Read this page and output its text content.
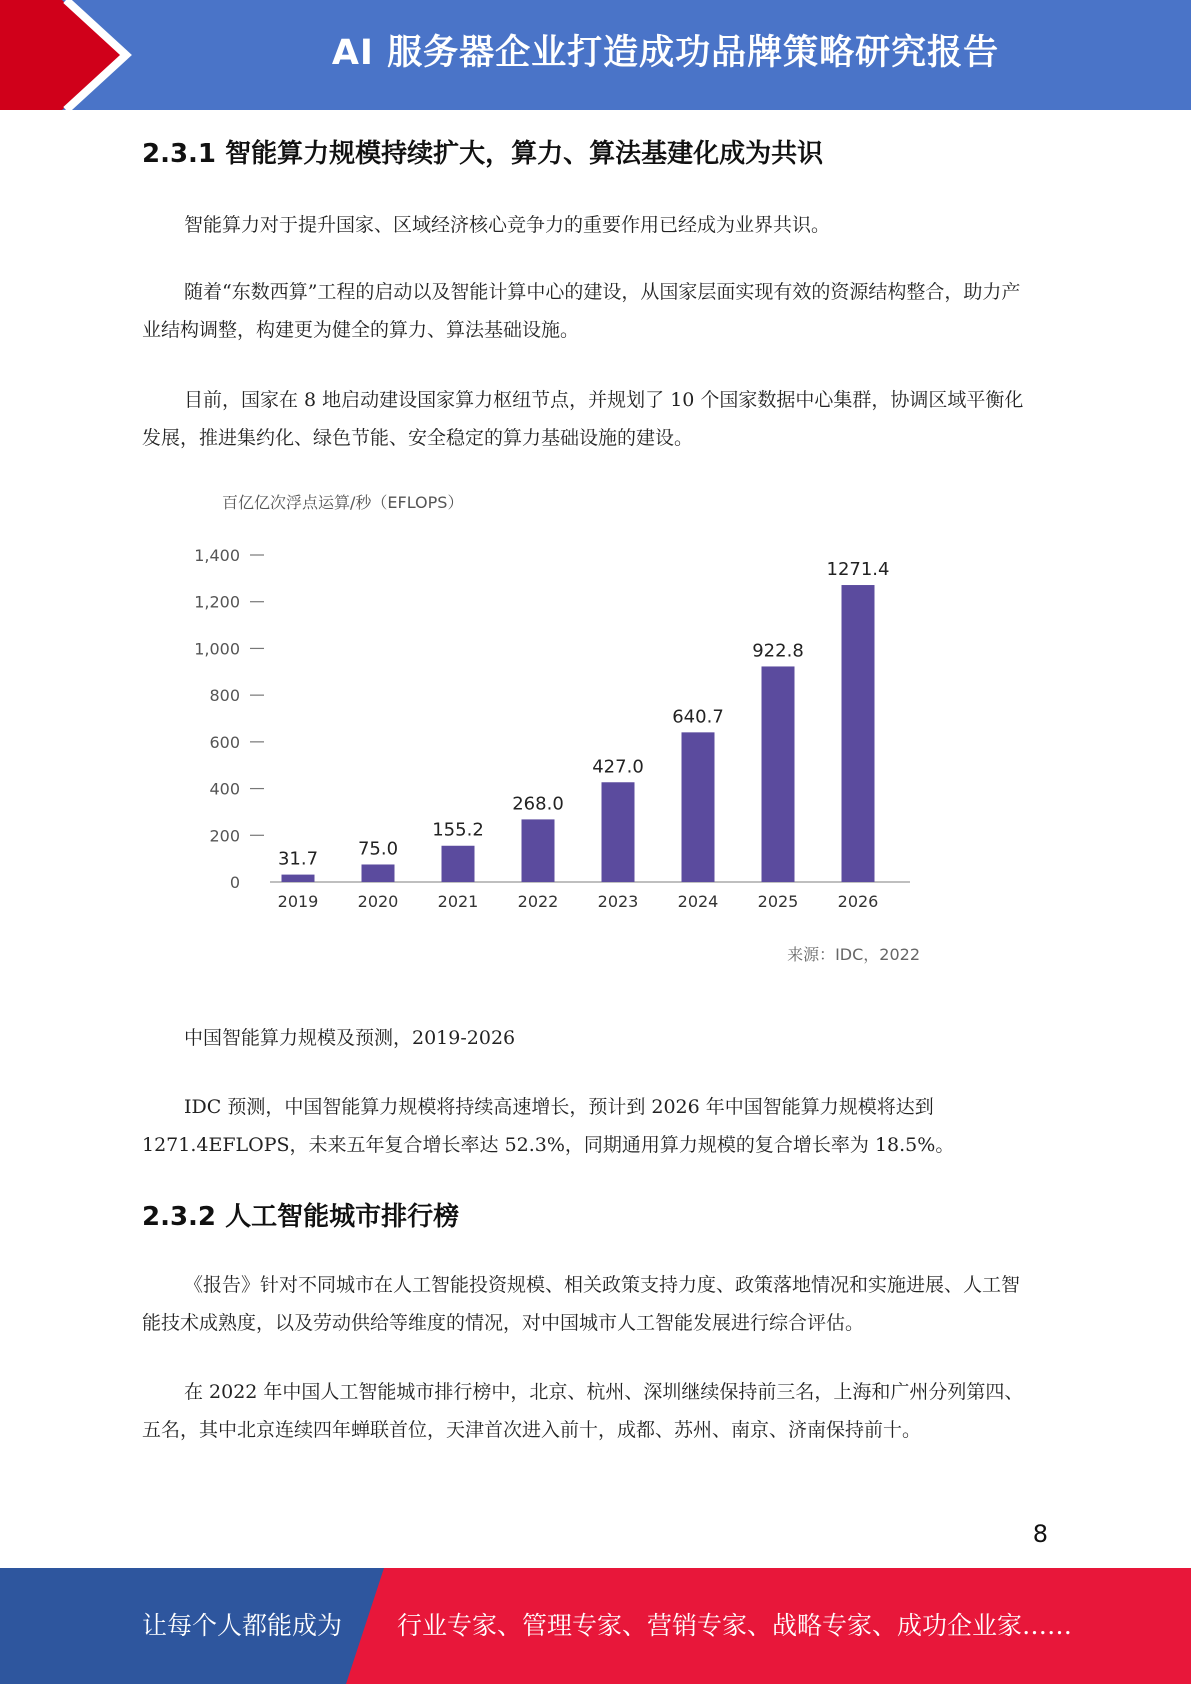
AI 服务器企业打造成功品牌策略研究报告
2.3.1 智能算力规模持续扩大，算力、算法基建化成为共识

智能算力对于提升国家、区域经济核心竞争力的重要作用已经成为业界共识。

随着“东数西算”工程的启动以及智能计算中心的建设，从国家层面实现有效的资源结构整合，助力产业结构调整，构建更为健全的算力、算法基础设施。

目前，国家在 8 地启动建设国家算力枢纽节点，并规划了 10 个国家数据中心集群，协调区域平衡化发展，推进集约化、绿色节能、安全稳定的算力基础设施的建设。

百亿亿次浮点运算/秒（EFLOPS）
0
200
400
600
800
1,000
1,200
1,400
31.7
2019
75.0
2020
155.2
2021
268.0
2022
427.0
2023
640.7
2024
922.8
2025
1271.4
2026
来源：IDC，2022

中国智能算力规模及预测，2019-2026

IDC 预测，中国智能算力规模将持续高速增长，预计到 2026 年中国智能算力规模将达到 1271.4EFLOPS，未来五年复合增长率达 52.3%，同期通用算力规模的复合增长率为 18.5%。

2.3.2 人工智能城市排行榜

《报告》针对不同城市在人工智能投资规模、相关政策支持力度、政策落地情况和实施进展、人工智能技术成熟度，以及劳动供给等维度的情况，对中国城市人工智能发展进行综合评估。

在 2022 年中国人工智能城市排行榜中，北京、杭州、深圳继续保持前三名，上海和广州分列第四、五名，其中北京连续四年蝉联首位，天津首次进入前十，成都、苏州、南京、济南保持前十。

8
让每个人都能成为 行业专家、管理专家、营销专家、战略专家、成功企业家……
